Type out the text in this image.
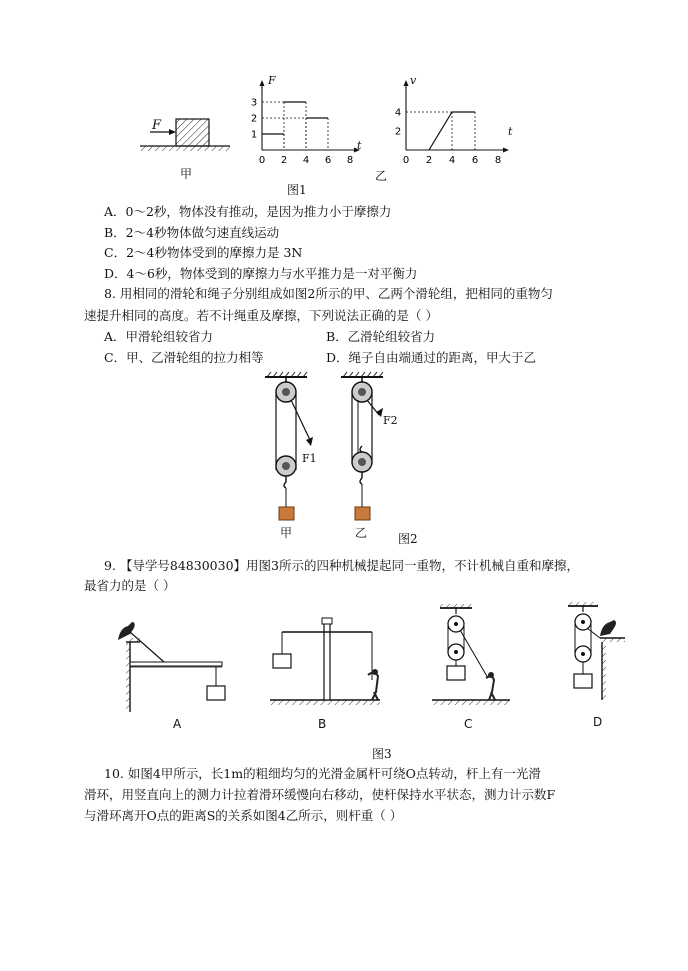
F
1
2
3
0 2 4 6 8
F
t
2
4
0 2 4 6 8
v
t
甲	乙
图1
A．0～2秒，物体没有推动，是因为推力小于摩擦力
B．2～4秒物体做匀速直线运动
C．2～4秒物体受到的摩擦力是 3N
D．4～6秒，物体受到的摩擦力与水平推力是一对平衡力
8. 用相同的滑轮和绳子分别组成如图2所示的甲、乙两个滑轮组，把相同的重物匀
速提升相同的高度。若不计绳重及摩擦，下列说法正确的是（ ）
A．甲滑轮组较省力	B．乙滑轮组较省力
C．甲、乙滑轮组的拉力相等	D．绳子自由端通过的距离，甲大于乙
F1
F2
甲	乙	图2
9. 【导学号84830030】用图3所示的四种机械提起同一重物，不计机械自重和摩擦，
最省力的是（ ）
A	B	C	D
图3
10. 如图4甲所示，长1m的粗细均匀的光滑金属杆可绕O点转动，杆上有一光滑
滑环，用竖直向上的测力计拉着滑环缓慢向右移动，使杆保持水平状态，测力计示数F
与滑环离开O点的距离S的关系如图4乙所示，则杆重（ ）
